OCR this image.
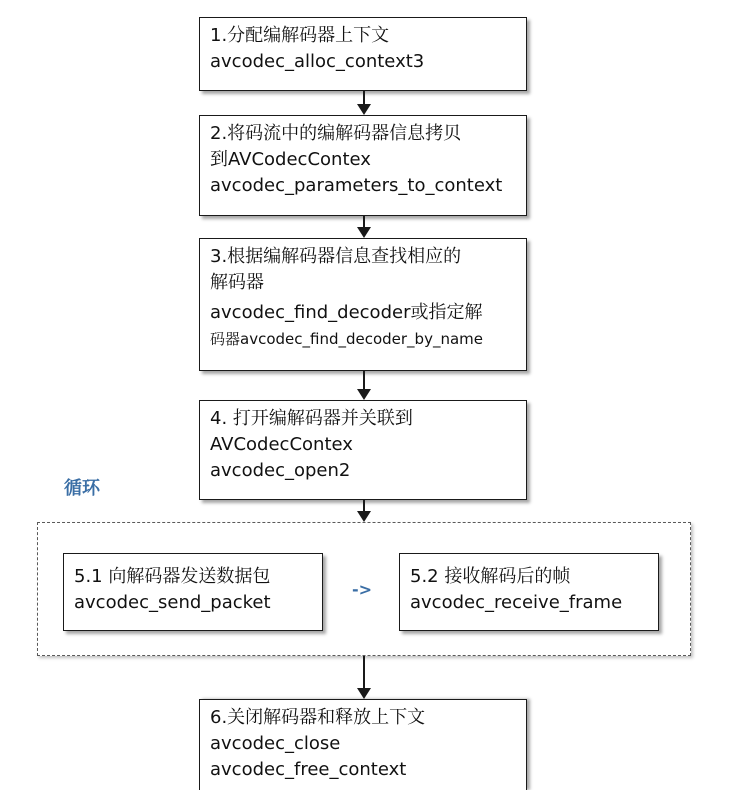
1.分配编解码器上下文
avcodec_alloc_context3
2.将码流中的编解码器信息拷贝
到AVCodecContex
avcodec_parameters_to_context
3.根据编解码器信息查找相应的
解码器
avcodec_find_decoder或指定解
码器avcodec_find_decoder_by_name
4. 打开编解码器并关联到
AVCodecContex
avcodec_open2
循环
5.1 向解码器发送数据包
avcodec_send_packet
->
5.2 接收解码后的帧
avcodec_receive_frame
6.关闭解码器和释放上下文
avcodec_close
avcodec_free_context
